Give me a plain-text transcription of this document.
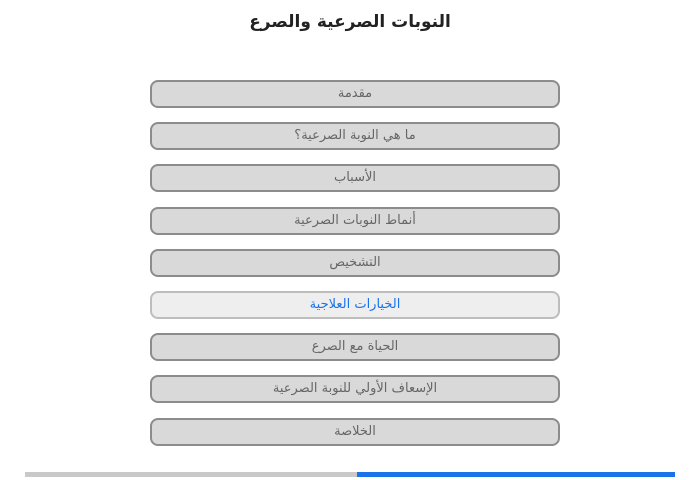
النوبات الصرعية والصرع
مقدمة
ما هي النوبة الصرعية؟
الأسباب
أنماط النوبات الصرعية
التشخيص
الخيارات العلاجية
الحياة مع الصرع
الإسعاف الأولي للنوبة الصرعية
الخلاصة
